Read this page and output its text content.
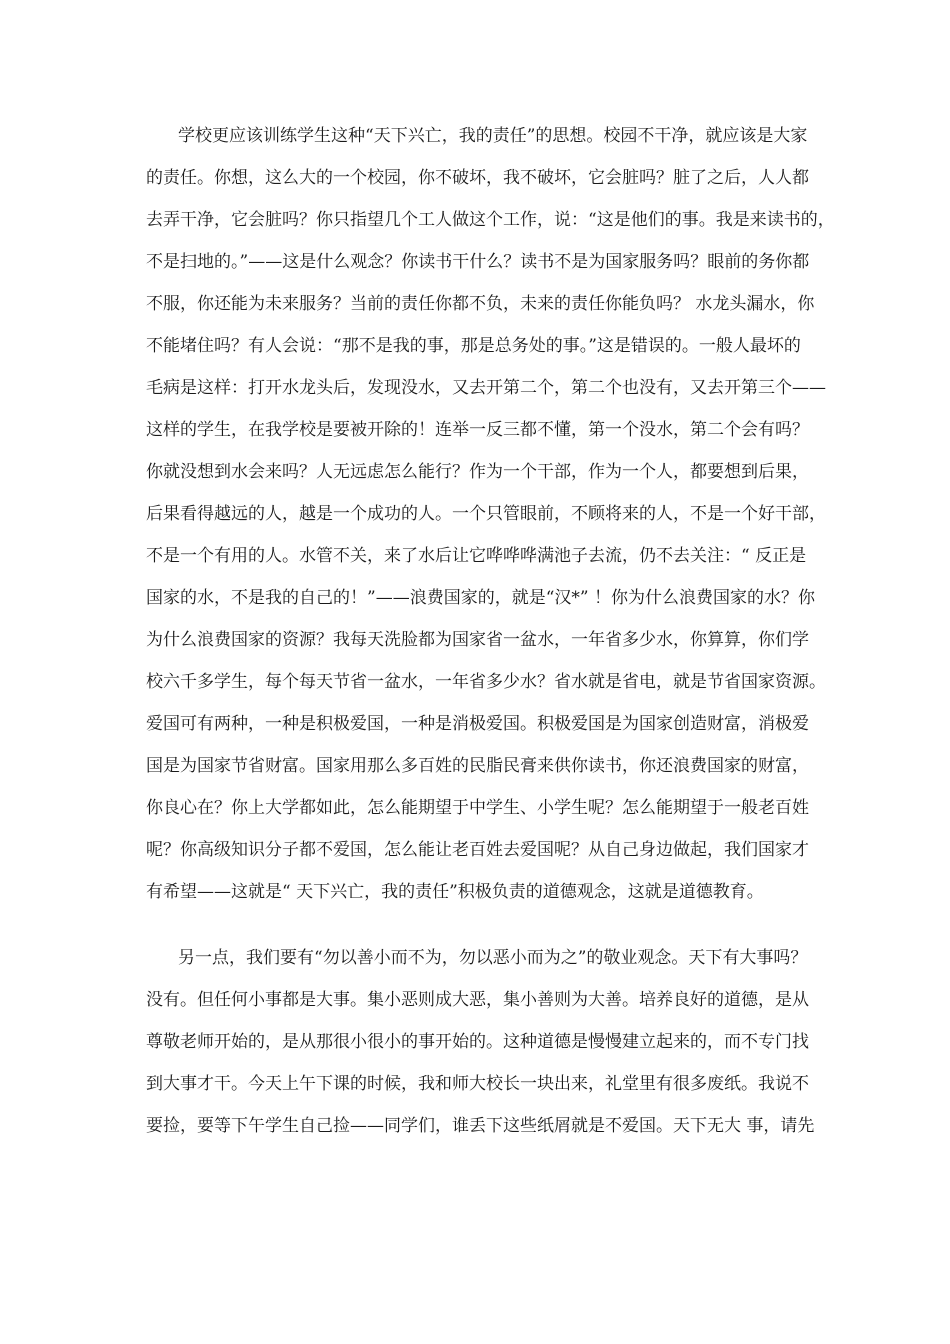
学校更应该训练学生这种“天下兴亡，我的责任”的思想。校园不干净，就应该是大家

的责任。你想，这么大的一个校园，你不破坏，我不破坏，它会脏吗？脏了之后，人人都

去弄干净，它会脏吗？你只指望几个工人做这个工作，说：“这是他们的事。我是来读书的，

不是扫地的。”——这是什么观念？你读书干什么？读书不是为国家服务吗？眼前的务你都

不服，你还能为未来服务？当前的责任你都不负，未来的责任你能负吗？ 水龙头漏水，你

不能堵住吗？有人会说：“那不是我的事，那是总务处的事。”这是错误的。一般人最坏的

毛病是这样：打开水龙头后，发现没水，又去开第二个，第二个也没有，又去开第三个——

这样的学生，在我学校是要被开除的！连举一反三都不懂，第一个没水，第二个会有吗？

你就没想到水会来吗？人无远虑怎么能行？作为一个干部，作为一个人，都要想到后果，

后果看得越远的人，越是一个成功的人。一个只管眼前，不顾将来的人，不是一个好干部，

不是一个有用的人。水管不关，来了水后让它哗哗哗满池子去流，仍不去关注：“ 反正是

国家的水，不是我的自己的！”——浪费国家的，就是“汉*” ！你为什么浪费国家的水？你

为什么浪费国家的资源？我每天洗脸都为国家省一盆水，一年省多少水，你算算，你们学

校六千多学生，每个每天节省一盆水，一年省多少水？省水就是省电，就是节省国家资源。

爱国可有两种，一种是积极爱国，一种是消极爱国。积极爱国是为国家创造财富，消极爱

国是为国家节省财富。国家用那么多百姓的民脂民膏来供你读书，你还浪费国家的财富，

你良心在？你上大学都如此，怎么能期望于中学生、小学生呢？怎么能期望于一般老百姓

呢？你高级知识分子都不爱国，怎么能让老百姓去爱国呢？从自己身边做起，我们国家才

有希望——这就是“ 天下兴亡，我的责任”积极负责的道德观念，这就是道德教育。

另一点，我们要有“勿以善小而不为，勿以恶小而为之”的敬业观念。天下有大事吗？

没有。但任何小事都是大事。集小恶则成大恶，集小善则为大善。培养良好的道德，是从

尊敬老师开始的，是从那很小很小的事开始的。这种道德是慢慢建立起来的，而不专门找

到大事才干。今天上午下课的时候，我和师大校长一块出来，礼堂里有很多废纸。我说不

要捡，要等下午学生自己捡——同学们，谁丢下这些纸屑就是不爱国。天下无大 事，请先
